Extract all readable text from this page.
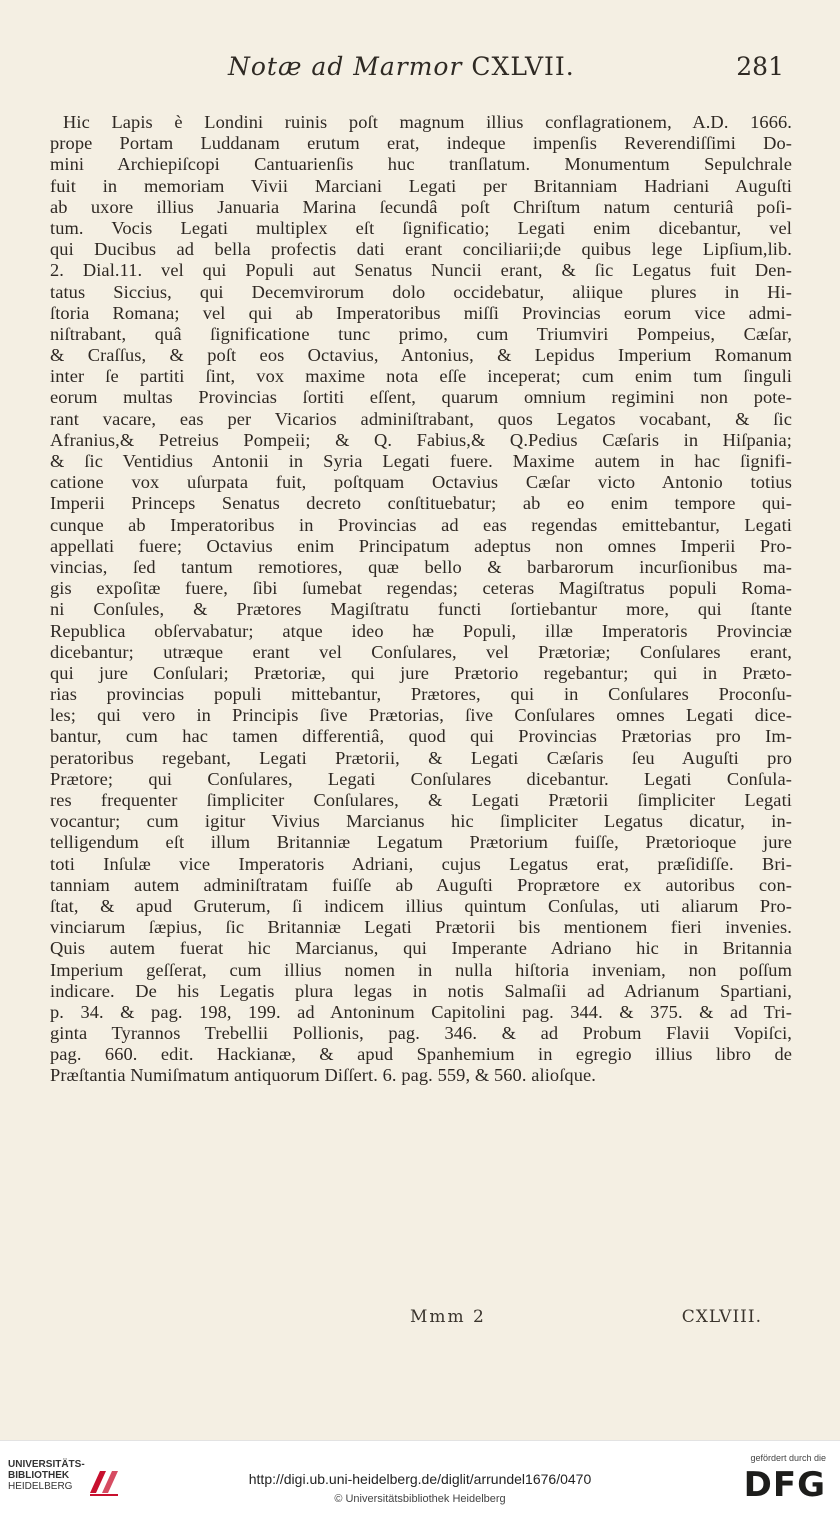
Notæ ad Marmor CXLVII.	281
Hic Lapis è Londini ruinis poſt magnum illius conflagrationem, A.D. 1666.
prope Portam Luddanam erutum erat, indeque impenſis Reverendiſſimi Do-
mini Archiepiſcopi Cantuarienſis huc tranſlatum. Monumentum Sepulchrale
fuit in memoriam Vivii Marciani Legati per Britanniam Hadriani Auguſti
ab uxore illius Januaria Marina ſecundâ poſt Chriſtum natum centuriâ poſi-
tum. Vocis Legati multiplex eſt ſignificatio; Legati enim dicebantur, vel
qui Ducibus ad bella profectis dati erant conciliarii;de quibus lege Lipſium,lib.
2. Dial.11. vel qui Populi aut Senatus Nuncii erant, & ſic Legatus fuit Den-
tatus Siccius, qui Decemvirorum dolo occidebatur, aliique plures in Hi-
ſtoria Romana; vel qui ab Imperatoribus miſſi Provincias eorum vice admi-
niſtrabant, quâ ſignificatione tunc primo, cum Triumviri Pompeius, Cæſar,
& Craſſus, & poſt eos Octavius, Antonius, & Lepidus Imperium Romanum
inter ſe partiti ſint, vox maxime nota eſſe inceperat; cum enim tum ſinguli
eorum multas Provincias ſortiti eſſent, quarum omnium regimini non pote-
rant vacare, eas per Vicarios adminiſtrabant, quos Legatos vocabant, & ſic
Afranius,& Petreius Pompeii; & Q. Fabius,& Q.Pedius Cæſaris in Hiſpania;
& ſic Ventidius Antonii in Syria Legati fuere. Maxime autem in hac ſignifi-
catione vox uſurpata fuit, poſtquam Octavius Cæſar victo Antonio totius
Imperii Princeps Senatus decreto conſtituebatur; ab eo enim tempore qui-
cunque ab Imperatoribus in Provincias ad eas regendas emittebantur, Legati
appellati fuere; Octavius enim Principatum adeptus non omnes Imperii Pro-
vincias, ſed tantum remotiores, quæ bello & barbarorum incurſionibus ma-
gis expoſitæ fuere, ſibi ſumebat regendas; ceteras Magiſtratus populi Roma-
ni Conſules, & Prætores Magiſtratu functi ſortiebantur more, qui ſtante
Republica obſervabatur; atque ideo hæ Populi, illæ Imperatoris Provinciæ
dicebantur; utræque erant vel Conſulares, vel Prætoriæ; Conſulares erant,
qui jure Conſulari; Prætoriæ, qui jure Prætorio regebantur; qui in Præto-
rias provincias populi mittebantur, Prætores, qui in Conſulares Proconſu-
les; qui vero in Principis ſive Prætorias, ſive Conſulares omnes Legati dice-
bantur, cum hac tamen differentiâ, quod qui Provincias Prætorias pro Im-
peratoribus regebant, Legati Prætorii, & Legati Cæſaris ſeu Auguſti pro
Prætore; qui Conſulares, Legati Conſulares dicebantur. Legati Conſula-
res frequenter ſimpliciter Conſulares, & Legati Prætorii ſimpliciter Legati
vocantur; cum igitur Vivius Marcianus hic ſimpliciter Legatus dicatur, in-
telligendum eſt illum Britanniæ Legatum Prætorium fuiſſe, Prætorioque jure
toti Inſulæ vice Imperatoris Adriani, cujus Legatus erat, præſidiſſe. Bri-
tanniam autem adminiſtratam fuiſſe ab Auguſti Proprætore ex autoribus con-
ſtat, & apud Gruterum, ſi indicem illius quintum Conſulas, uti aliarum Pro-
vinciarum ſæpius, ſic Britanniæ Legati Prætorii bis mentionem fieri invenies.
Quis autem fuerat hic Marcianus, qui Imperante Adriano hic in Britannia
Imperium geſſerat, cum illius nomen in nulla hiſtoria inveniam, non poſſum
indicare. De his Legatis plura legas in notis Salmaſii ad Adrianum Spartiani,
p. 34. & pag. 198, 199. ad Antoninum Capitolini pag. 344. & 375. & ad Tri-
ginta Tyrannos Trebellii Pollionis, pag. 346. & ad Probum Flavii Vopiſci,
pag. 660. edit. Hackianæ, & apud Spanhemium in egregio illius libro de
Præſtantia Numiſmatum antiquorum Diſſert. 6. pag. 559, & 560. alioſque.
Mmm 2	CXLVIII.
UNIVERSITÄTS-
BIBLIOTHEK
HEIDELBERG	http://digi.ub.uni-heidelberg.de/diglit/arrundel1676/0470
© Universitätsbibliothek Heidelberg
gefördert durch die
DFG
